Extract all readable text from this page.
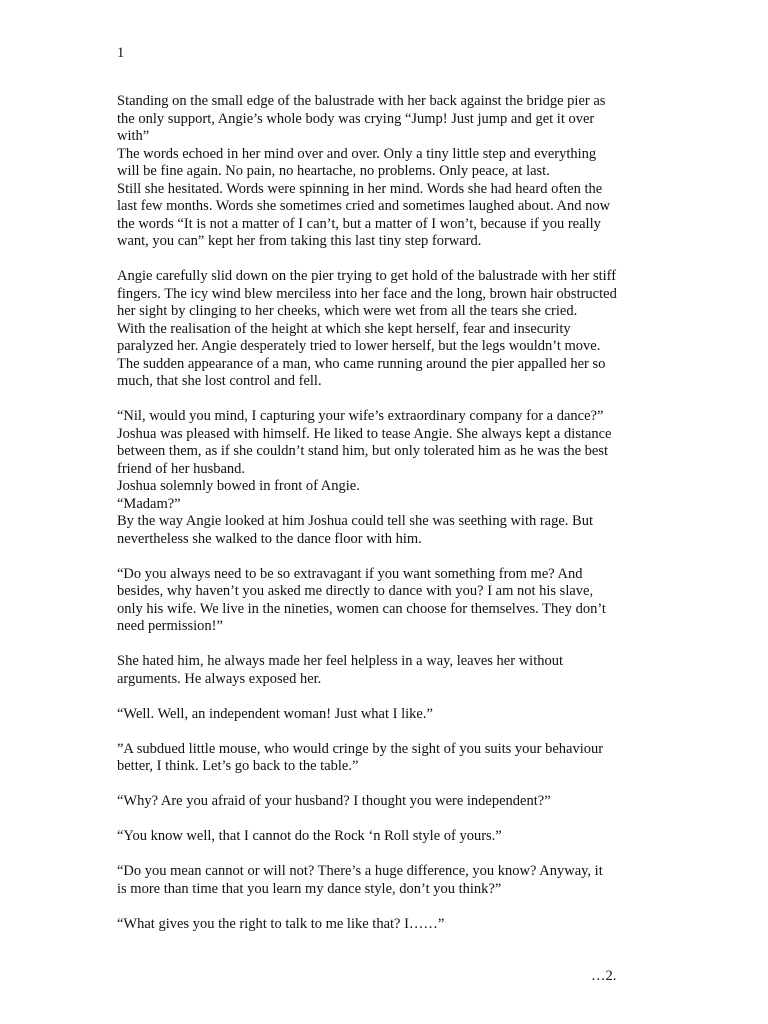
1

Standing on the small edge of the balustrade with her back against the bridge pier as
the only support, Angie’s whole body was crying “Jump! Just jump and get it over
with”
The words echoed in her mind over and over. Only a tiny little step and everything
will be fine again. No pain, no heartache, no problems. Only peace, at last.
Still she hesitated. Words were spinning in her mind. Words she had heard often the
last few months. Words she sometimes cried and sometimes laughed about. And now
the words “It is not a matter of I can’t, but a matter of I won’t, because if you really
want, you can” kept her from taking this last tiny step forward.
Angie carefully slid down on the pier trying to get hold of the balustrade with her stiff
fingers. The icy wind blew merciless into her face and the long, brown hair obstructed
her sight by clinging to her cheeks, which were wet from all the tears she cried.
With the realisation of the height at which she kept herself, fear and insecurity
paralyzed her. Angie desperately tried to lower herself, but the legs wouldn’t move.
The sudden appearance of a man, who came running around the pier appalled her so
much, that she lost control and fell.
“Nil, would you mind, I capturing your wife’s extraordinary company for a dance?”
Joshua was pleased with himself. He liked to tease Angie. She always kept a distance
between them, as if she couldn’t stand him, but only tolerated him as he was the best
friend of her husband.
Joshua solemnly bowed in front of Angie.
“Madam?”
By the way Angie looked at him Joshua could tell she was seething with rage. But
nevertheless she walked to the dance floor with him.
“Do you always need to be so extravagant if you want something from me? And
besides, why haven’t you asked me directly to dance with you? I am not his slave,
only his wife. We live in the nineties, women can choose for themselves. They don’t
need permission!”
She hated him, he always made her feel helpless in a way, leaves her without
arguments. He always exposed her.
“Well. Well, an independent woman! Just what I like.”
”A subdued little mouse, who would cringe by the sight of you suits your behaviour
better, I think. Let’s go back to the table.”
“Why? Are you afraid of your husband? I thought you were independent?”
“You know well, that I cannot do the Rock ‘n Roll style of yours.”
“Do you mean cannot or will not? There’s a huge difference, you know? Anyway, it
is more than time that you learn my dance style, don’t you think?”
“What gives you the right to talk to me like that? I……”

…2.
